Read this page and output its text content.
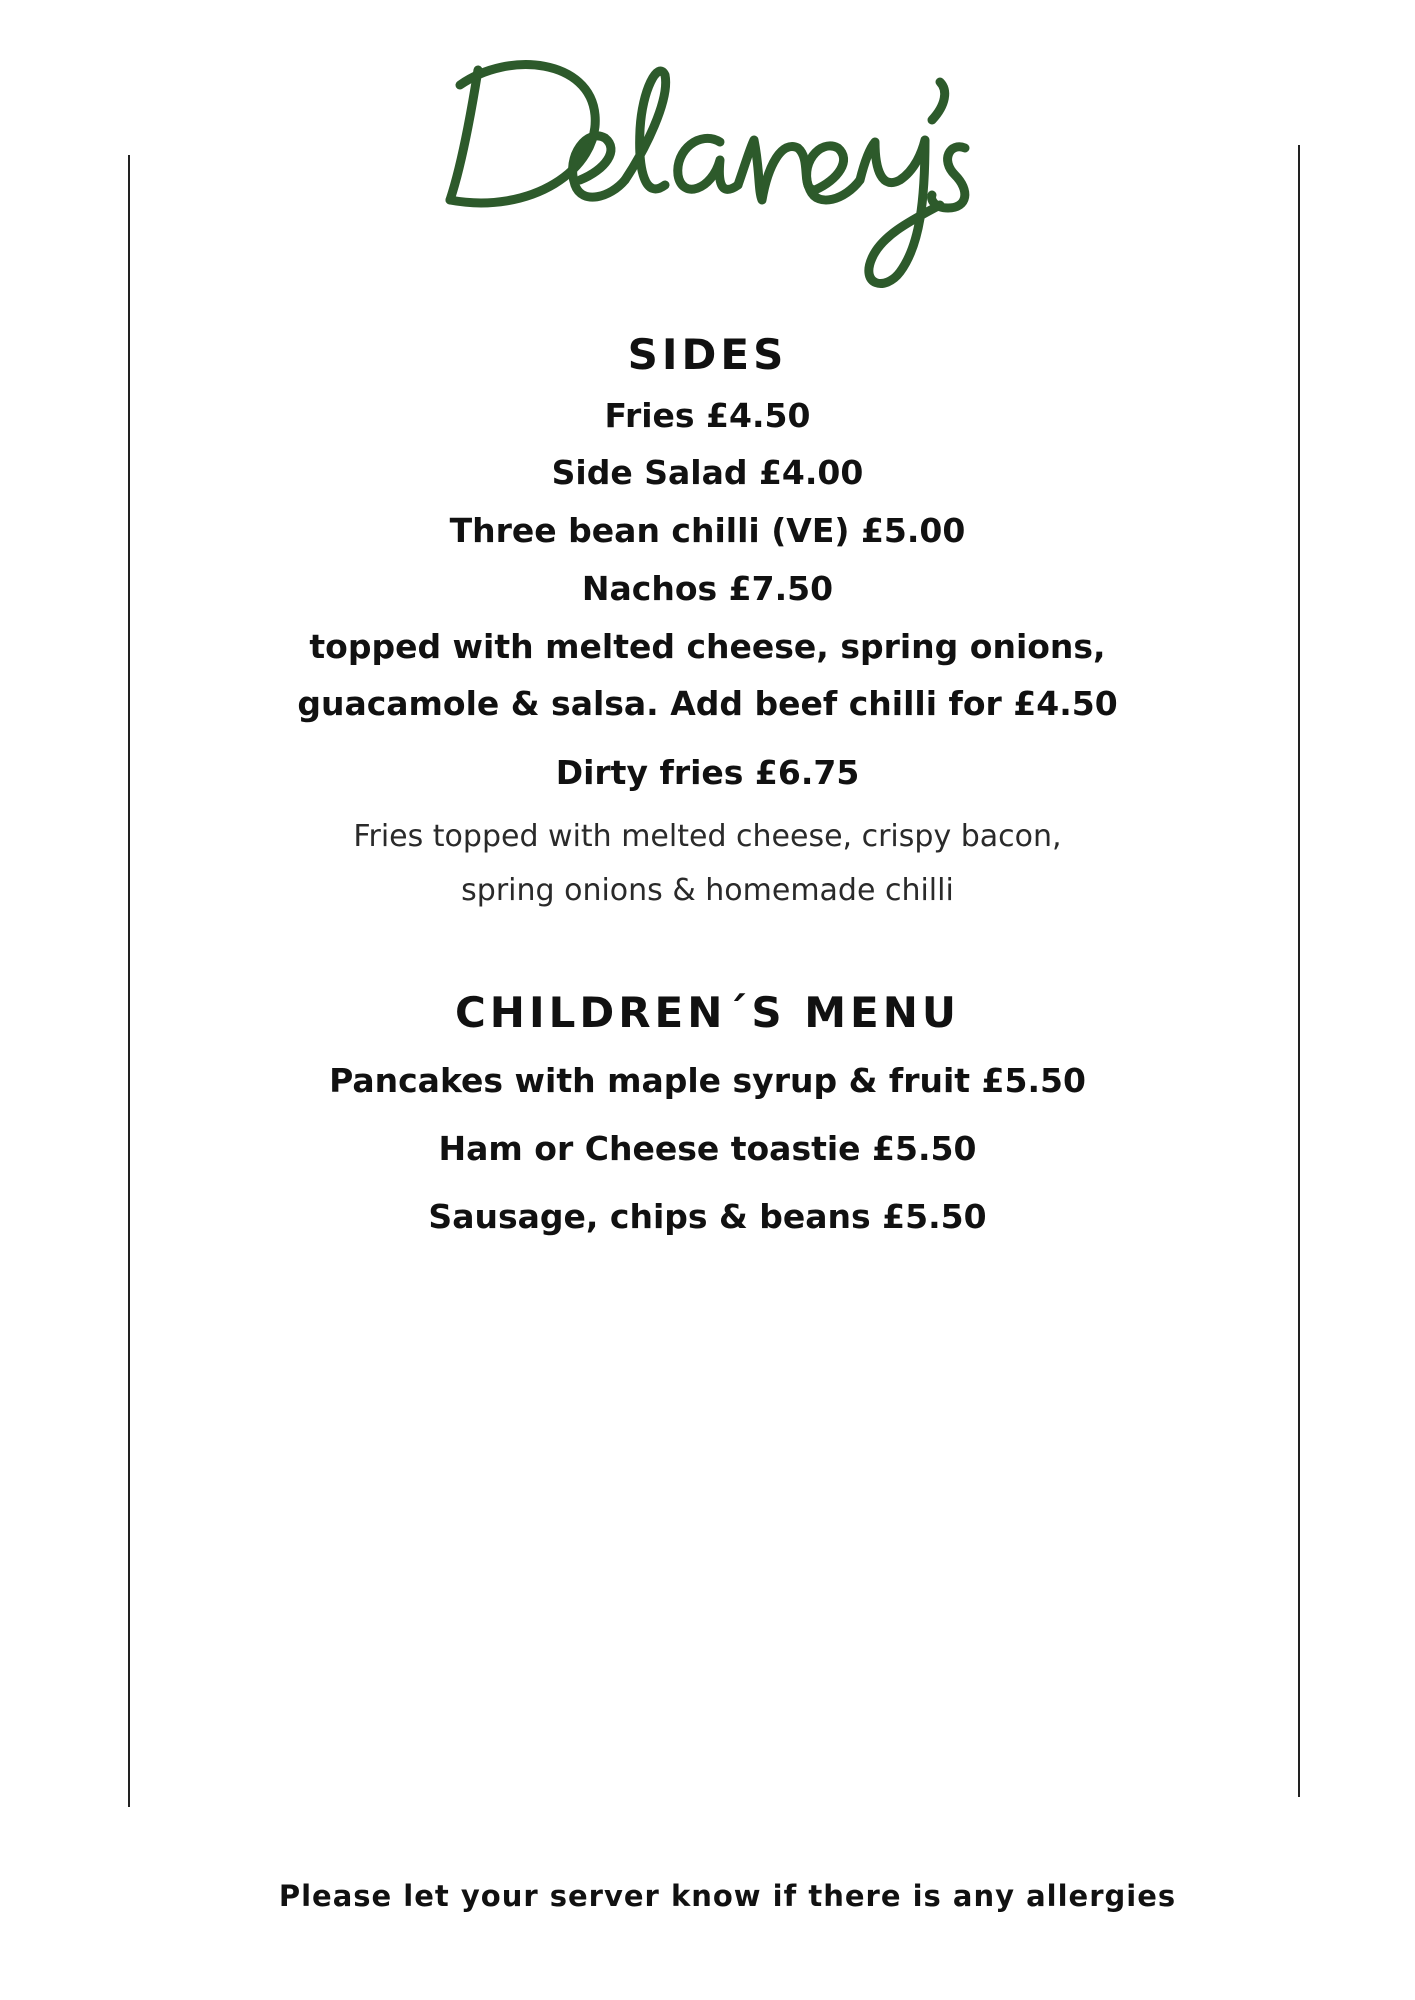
SIDES
Fries £4.50
Side Salad £4.00
Three bean chilli (VE) £5.00
Nachos £7.50
topped with melted cheese, spring onions,
guacamole & salsa. Add beef chilli for £4.50
Dirty fries £6.75
Fries topped with melted cheese, crispy bacon,
spring onions & homemade chilli
CHILDREN´S MENU
Pancakes with maple syrup & fruit £5.50
Ham or Cheese toastie £5.50
Sausage, chips & beans £5.50
Please let your server know if there is any allergies
